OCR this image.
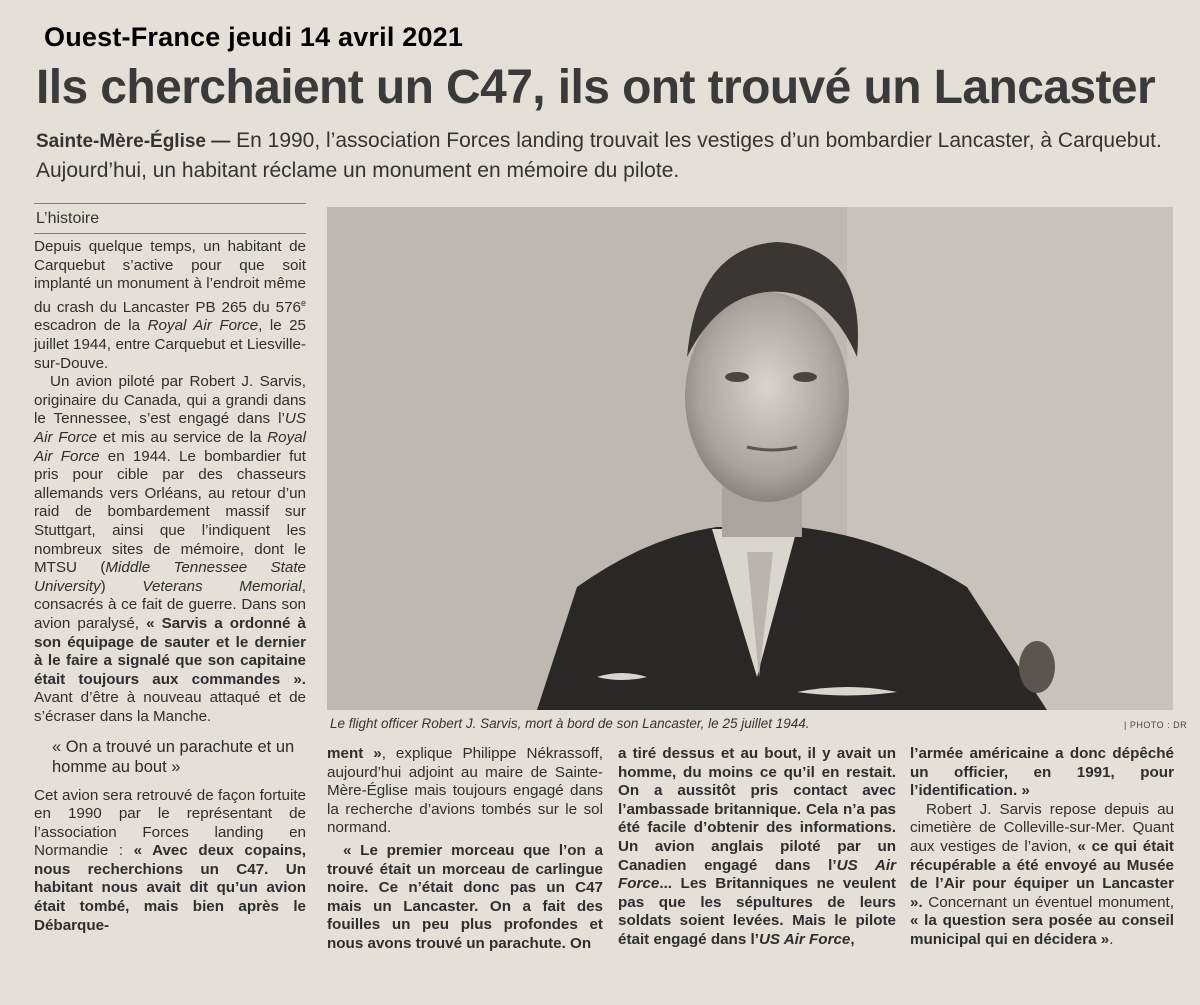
Ouest-France jeudi 14 avril 2021
Ils cherchaient un C47, ils ont trouvé un Lancaster
Sainte-Mère-Église — En 1990, l’association Forces landing trouvait les vestiges d’un bombardier Lancaster, à Carquebut. Aujourd’hui, un habitant réclame un monument en mémoire du pilote.
L’histoire

Depuis quelque temps, un habitant de Carquebut s’active pour que soit implanté un monument à l’endroit même du crash du Lancaster PB 265 du 576e escadron de la Royal Air Force, le 25 juillet 1944, entre Carquebut et Liesville-sur-Douve.

Un avion piloté par Robert J. Sarvis, originaire du Canada, qui a grandi dans le Tennessee, s’est engagé dans l’US Air Force et mis au service de la Royal Air Force en 1944. Le bombardier fut pris pour cible par des chasseurs allemands vers Orléans, au retour d’un raid de bombardement massif sur Stuttgart, ainsi que l’indiquent les nombreux sites de mémoire, dont le MTSU (Middle Tennessee State University) Veterans Memorial, consacrés à ce fait de guerre. Dans son avion paralysé, « Sarvis a ordonné à son équipage de sauter et le dernier à le faire a signalé que son capitaine était toujours aux commandes ». Avant d’être à nouveau attaqué et de s’écraser dans la Manche.

« On a trouvé un parachute et un homme au bout »

Cet avion sera retrouvé de façon fortuite en 1990 par le représentant de l’association Forces landing en Normandie : « Avec deux copains, nous recherchions un C47. Un habitant nous avait dit qu’un avion était tombé, mais bien après le Débarque-

Le flight officer Robert J. Sarvis, mort à bord de son Lancaster, le 25 juillet 1944.	| PHOTO : DR

ment », explique Philippe Nékrassoff, aujourd’hui adjoint au maire de Sainte-Mère-Église mais toujours engagé dans la recherche d’avions tombés sur le sol normand.

« Le premier morceau que l’on a trouvé était un morceau de carlingue noire. Ce n’était donc pas un C47 mais un Lancaster. On a fait des fouilles un peu plus profondes et nous avons trouvé un parachute. On

a tiré dessus et au bout, il y avait un homme, du moins ce qu’il en restait. On a aussitôt pris contact avec l’ambassade britannique. Cela n’a pas été facile d’obtenir des informations. Un avion anglais piloté par un Canadien engagé dans l’US Air Force... Les Britanniques ne veulent pas que les sépultures de leurs soldats soient levées. Mais le pilote était engagé dans l’US Air Force,

l’armée américaine a donc dépêché un officier, en 1991, pour l’identification. »

Robert J. Sarvis repose depuis au cimetière de Colleville-sur-Mer. Quant aux vestiges de l’avion, « ce qui était récupérable a été envoyé au Musée de l’Air pour équiper un Lancaster ». Concernant un éventuel monument, « la question sera posée au conseil municipal qui en décidera ».
